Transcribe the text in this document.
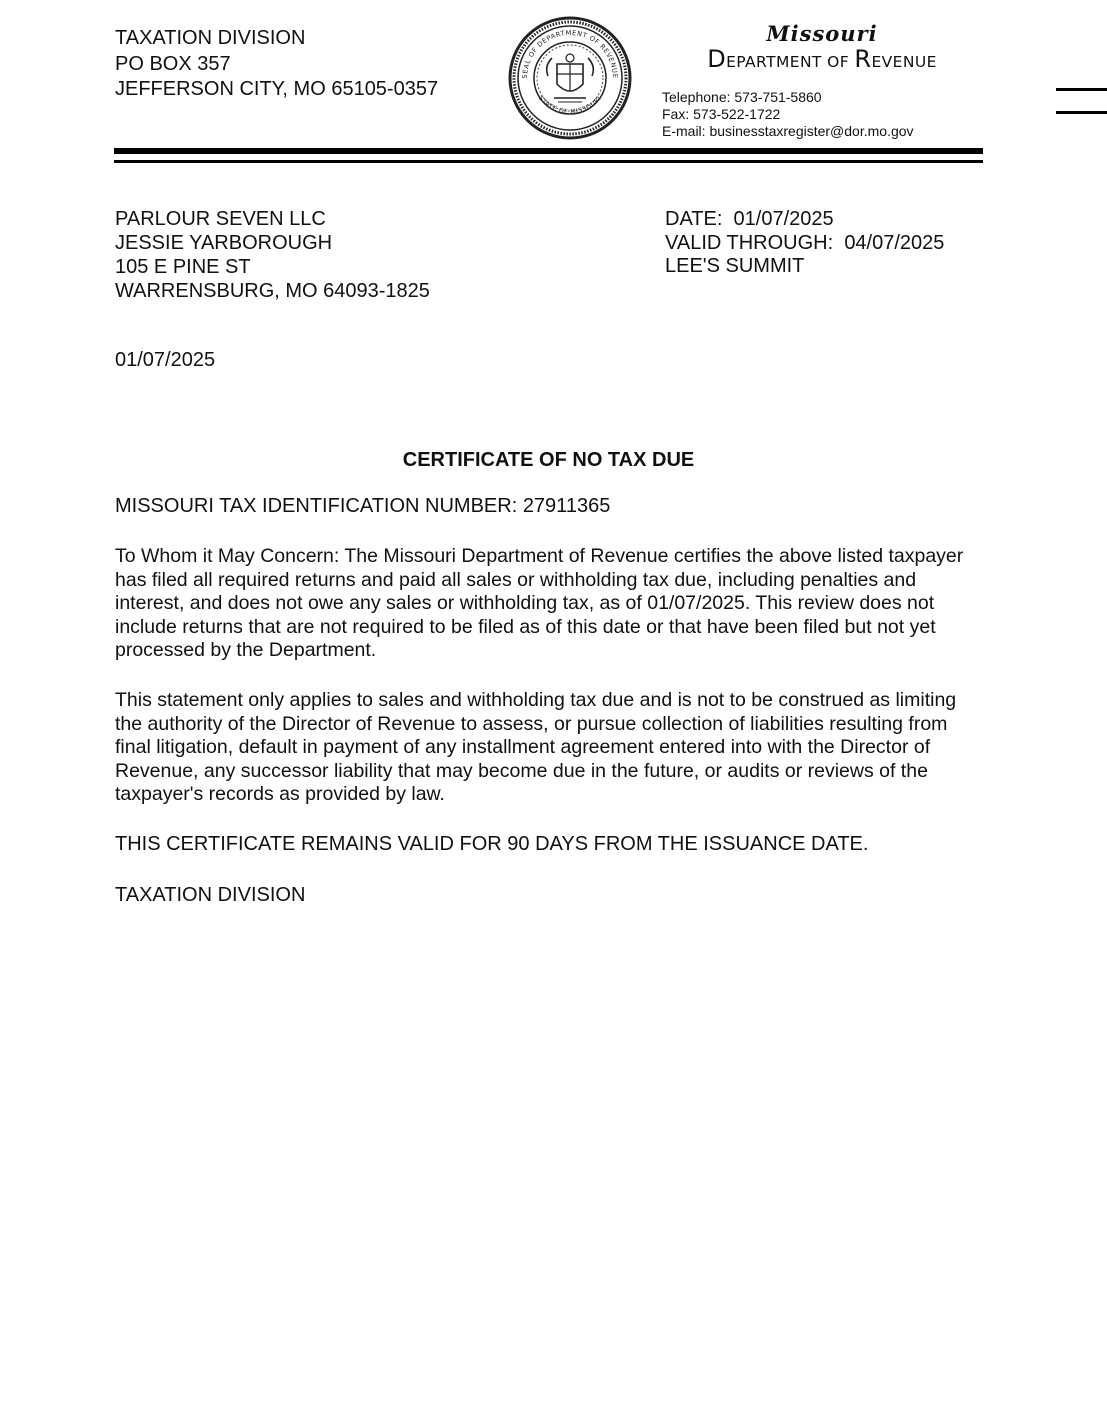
TAXATION DIVISION
PO BOX 357
JEFFERSON CITY, MO 65105-0357
SEAL OF DEPARTMENT OF REVENUE
STATE OF MISSOURI
Missouri
DEPARTMENT OF REVENUE
Telephone: 573-751-5860
Fax: 573-522-1722
E-mail: businesstaxregister@dor.mo.gov
PARLOUR SEVEN LLC
JESSIE YARBOROUGH
105 E PINE ST
WARRENSBURG, MO 64093-1825
DATE: 01/07/2025
VALID THROUGH: 04/07/2025
LEE'S SUMMIT
01/07/2025
CERTIFICATE OF NO TAX DUE
MISSOURI TAX IDENTIFICATION NUMBER: 27911365
To Whom it May Concern: The Missouri Department of Revenue certifies the above listed taxpayer has filed all required returns and paid all sales or withholding tax due, including penalties and interest, and does not owe any sales or withholding tax, as of 01/07/2025. This review does not include returns that are not required to be filed as of this date or that have been filed but not yet processed by the Department.
This statement only applies to sales and withholding tax due and is not to be construed as limiting the authority of the Director of Revenue to assess, or pursue collection of liabilities resulting from final litigation, default in payment of any installment agreement entered into with the Director of Revenue, any successor liability that may become due in the future, or audits or reviews of the taxpayer's records as provided by law.
THIS CERTIFICATE REMAINS VALID FOR 90 DAYS FROM THE ISSUANCE DATE.
TAXATION DIVISION
